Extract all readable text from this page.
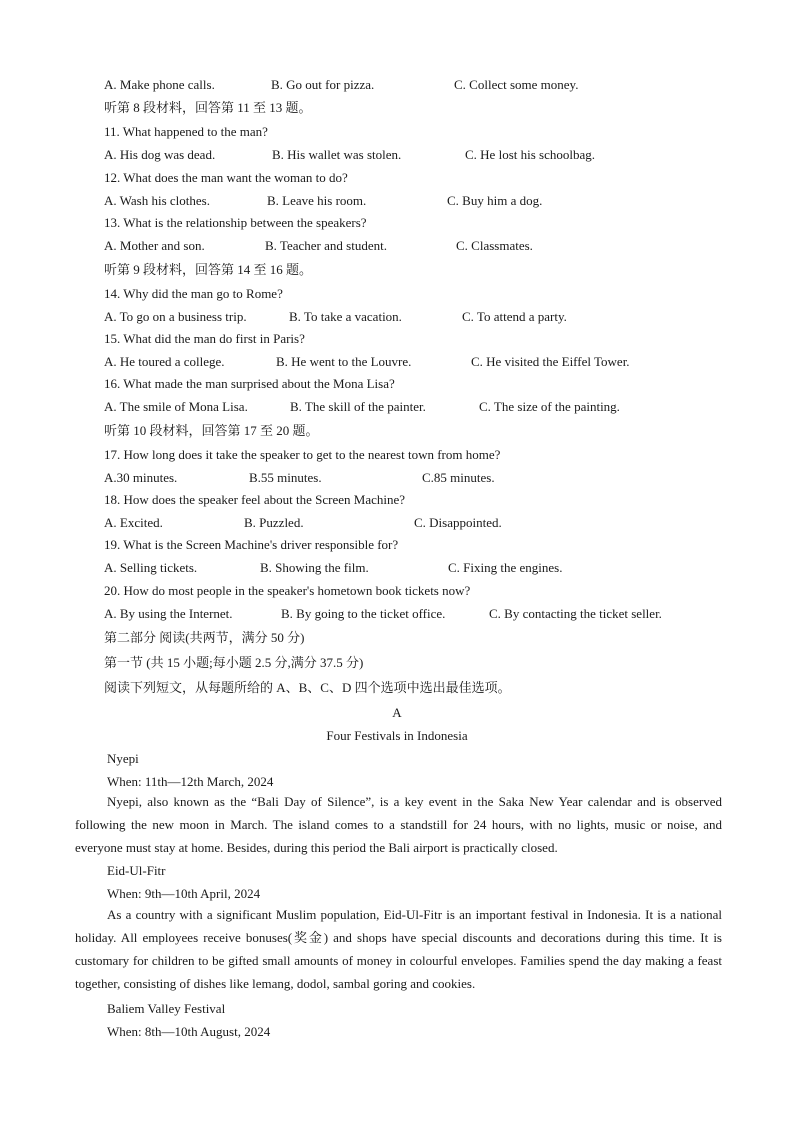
A. Make phone calls.	B. Go out for pizza.	C. Collect some money.
听第 8 段材料，回答第 11 至 13 题。
11. What happened to the man?
A. His dog was dead.	B. His wallet was stolen.	C. He lost his schoolbag.
12. What does the man want the woman to do?
A. Wash his clothes.	B. Leave his room.	C. Buy him a dog.
13. What is the relationship between the speakers?
A. Mother and son.	B. Teacher and student.	C. Classmates.
听第 9 段材料，回答第 14 至 16 题。
14. Why did the man go to Rome?
A. To go on a business trip.	B. To take a vacation.	C. To attend a party.
15. What did the man do first in Paris?
A. He toured a college.	B. He went to the Louvre.	C. He visited the Eiffel Tower.
16. What made the man surprised about the Mona Lisa?
A. The smile of Mona Lisa.	B. The skill of the painter.	C. The size of the painting.
听第 10 段材料，回答第 17 至 20 题。
17. How long does it take the speaker to get to the nearest town from home?
A.30 minutes.	B.55 minutes.	C.85 minutes.
18. How does the speaker feel about the Screen Machine?
A. Excited.	B. Puzzled.	C. Disappointed.
19. What is the Screen Machine's driver responsible for?
A. Selling tickets.	B. Showing the film.	C. Fixing the engines.
20. How do most people in the speaker's hometown book tickets now?
A. By using the Internet.	B. By going to the ticket office.	C. By contacting the ticket seller.
第二部分 阅读(共两节，满分 50 分)
第一节 (共 15 小题;每小题 2.5 分,满分 37.5 分)
阅读下列短文，从每题所给的 A、B、C、D 四个选项中选出最佳选项。
A
Four Festivals in Indonesia
Nyepi
When: 11th—12th March, 2024
Nyepi, also known as the “Bali Day of Silence”, is a key event in the Saka New Year calendar and is observed following the new moon in March. The island comes to a standstill for 24 hours, with no lights, music or noise, and everyone must stay at home. Besides, during this period the Bali airport is practically closed.
Eid-Ul-Fitr
When: 9th—10th April, 2024
As a country with a significant Muslim population, Eid-Ul-Fitr is an important festival in Indonesia. It is a national holiday. All employees receive bonuses(奖金) and shops have special discounts and decorations during this time. It is customary for children to be gifted small amounts of money in colourful envelopes. Families spend the day making a feast together, consisting of dishes like lemang, dodol, sambal goring and cookies.
Baliem Valley Festival
When: 8th—10th August, 2024
